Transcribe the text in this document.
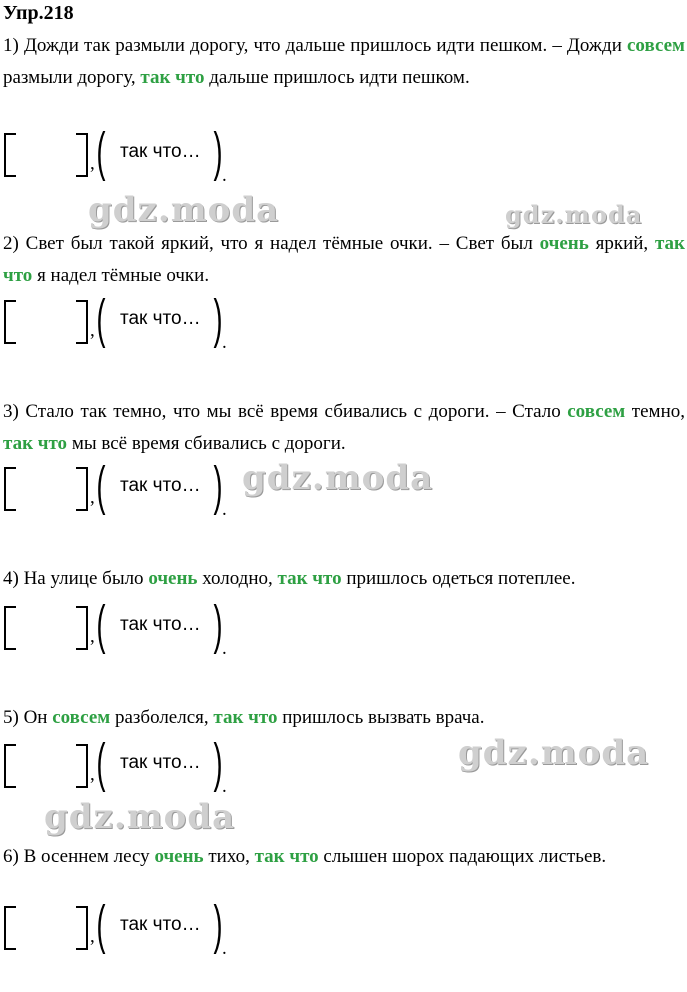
Упр.218
1) Дожди так размыли дорогу, что дальше пришлось идти пешком. – Дожди совсем размыли дорогу, так что дальше пришлось идти пешком.
, ( так что… ) .
2) Свет был такой яркий, что я надел тёмные очки. – Свет был очень яркий, так что я надел тёмные очки.
, ( так что… ) .
3) Стало так темно, что мы всё время сбивались с дороги. – Стало совсем темно, так что мы всё время сбивались с дороги.
, ( так что… ) .
4) На улице было очень холодно, так что пришлось одеться потеплее.
, ( так что… ) .
5) Он совсем разболелся, так что пришлось вызвать врача.
, ( так что… ) .
6) В осеннем лесу очень тихо, так что слышен шорох падающих листьев.
, ( так что… ) .
gdz.moda	gdz.moda
gdz.moda
gdz.moda
gdz.moda
